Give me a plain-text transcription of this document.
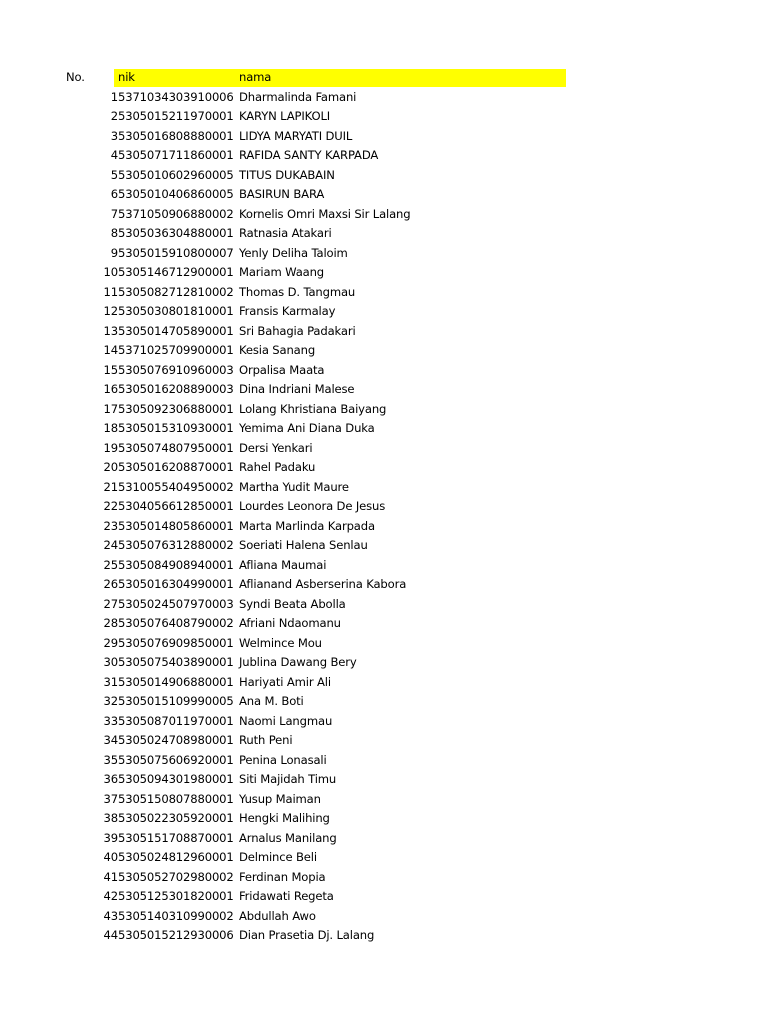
No.	nik	nama
1 5371034303910006 Dharmalinda Famani
2 5305015211970001 KARYN LAPIKOLI
3 5305016808880001 LIDYA MARYATI DUIL
4 5305071711860001 RAFIDA SANTY KARPADA
5 5305010602960005 TITUS DUKABAIN
6 5305010406860005 BASIRUN BARA
7 5371050906880002 Kornelis Omri Maxsi Sir Lalang
8 5305036304880001 Ratnasia Atakari
9 5305015910800007 Yenly Deliha Taloim
10 5305146712900001 Mariam Waang
11 5305082712810002 Thomas D. Tangmau
12 5305030801810001 Fransis Karmalay
13 5305014705890001 Sri Bahagia Padakari
14 5371025709900001 Kesia Sanang
15 5305076910960003 Orpalisa Maata
16 5305016208890003 Dina Indriani Malese
17 5305092306880001 Lolang Khristiana Baiyang
18 5305015310930001 Yemima Ani Diana Duka
19 5305074807950001 Dersi Yenkari
20 5305016208870001 Rahel Padaku
21 5310055404950002 Martha Yudit Maure
22 5304056612850001 Lourdes Leonora De Jesus
23 5305014805860001 Marta Marlinda Karpada
24 5305076312880002 Soeriati Halena Senlau
25 5305084908940001 Afliana Maumai
26 5305016304990001 Aflianand Asberserina Kabora
27 5305024507970003 Syndi Beata Abolla
28 5305076408790002 Afriani Ndaomanu
29 5305076909850001 Welmince Mou
30 5305075403890001 Jublina Dawang Bery
31 5305014906880001 Hariyati Amir Ali
32 5305015109990005 Ana M. Boti
33 5305087011970001 Naomi Langmau
34 5305024708980001 Ruth Peni
35 5305075606920001 Penina Lonasali
36 5305094301980001 Siti Majidah Timu
37 5305150807880001 Yusup Maiman
38 5305022305920001 Hengki Malihing
39 5305151708870001 Arnalus Manilang
40 5305024812960001 Delmince Beli
41 5305052702980002 Ferdinan Mopia
42 5305125301820001 Fridawati Regeta
43 5305140310990002 Abdullah Awo
44 5305015212930006 Dian Prasetia Dj. Lalang
